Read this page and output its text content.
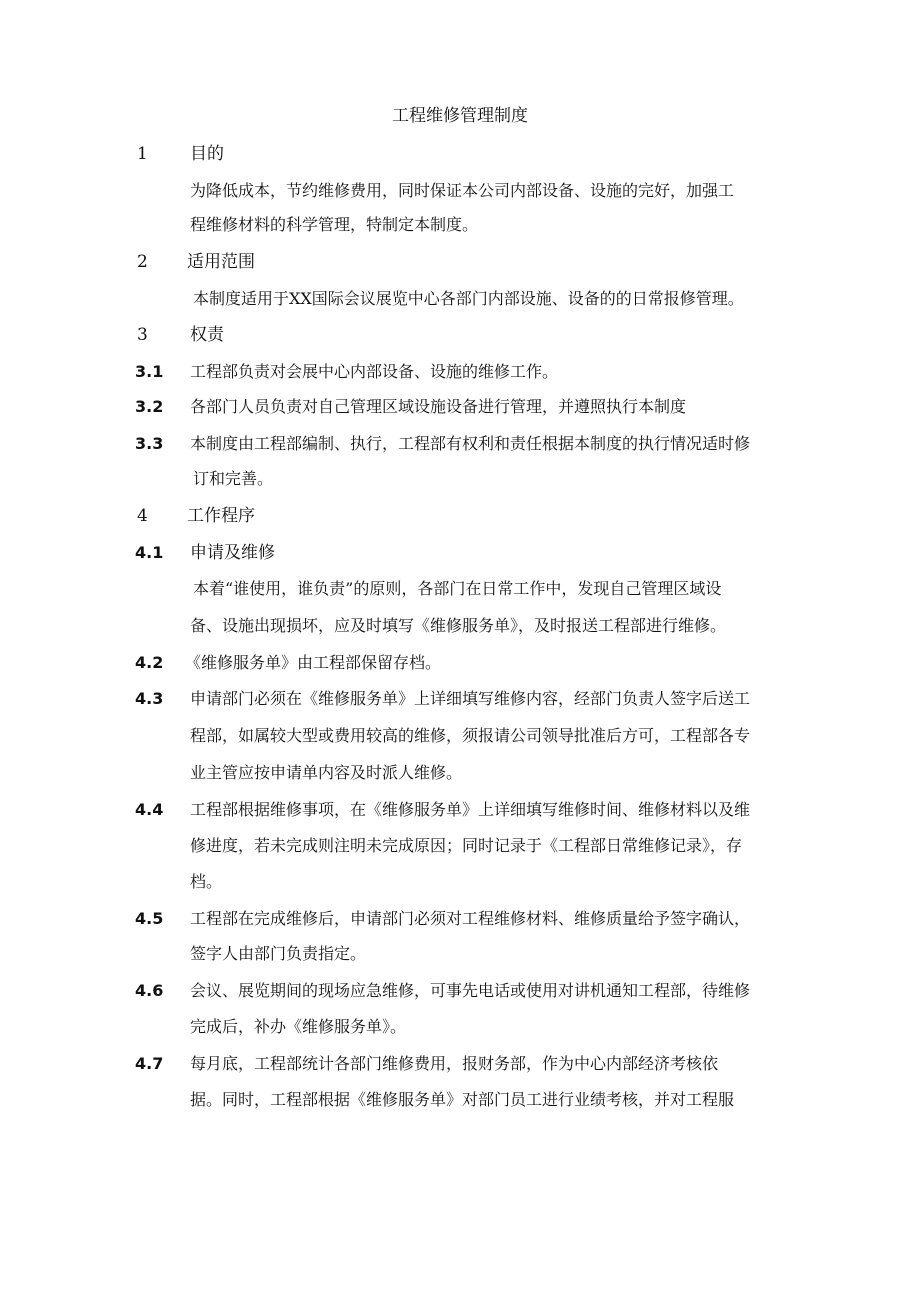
工程维修管理制度
1 目的
为降低成本，节约维修费用，同时保证本公司内部设备、设施的完好，加强工
程维修材料的科学管理，特制定本制度。
2 适用范围
本制度适用于XX国际会议展览中心各部门内部设施、设备的的日常报修管理。
3 权责
3.1 工程部负责对会展中心内部设备、设施的维修工作。
3.2 各部门人员负责对自己管理区域设施设备进行管理，并遵照执行本制度
3.3 本制度由工程部编制、执行，工程部有权利和责任根据本制度的执行情况适时修
订和完善。
4 工作程序
4.1 申请及维修
本着“谁使用，谁负责”的原则，各部门在日常工作中，发现自己管理区域设
备、设施出现损坏，应及时填写《维修服务单》，及时报送工程部进行维修。
4.2 《维修服务单》由工程部保留存档。
4.3 申请部门必须在《维修服务单》上详细填写维修内容，经部门负责人签字后送工
程部，如属较大型或费用较高的维修，须报请公司领导批准后方可，工程部各专
业主管应按申请单内容及时派人维修。
4.4 工程部根据维修事项，在《维修服务单》上详细填写维修时间、维修材料以及维
修进度，若未完成则注明未完成原因；同时记录于《工程部日常维修记录》，存
档。
4.5 工程部在完成维修后，申请部门必须对工程维修材料、维修质量给予签字确认，
签字人由部门负责指定。
4.6 会议、展览期间的现场应急维修，可事先电话或使用对讲机通知工程部，待维修
完成后，补办《维修服务单》。
4.7 每月底，工程部统计各部门维修费用，报财务部，作为中心内部经济考核依
据。同时，工程部根据《维修服务单》对部门员工进行业绩考核，并对工程服
